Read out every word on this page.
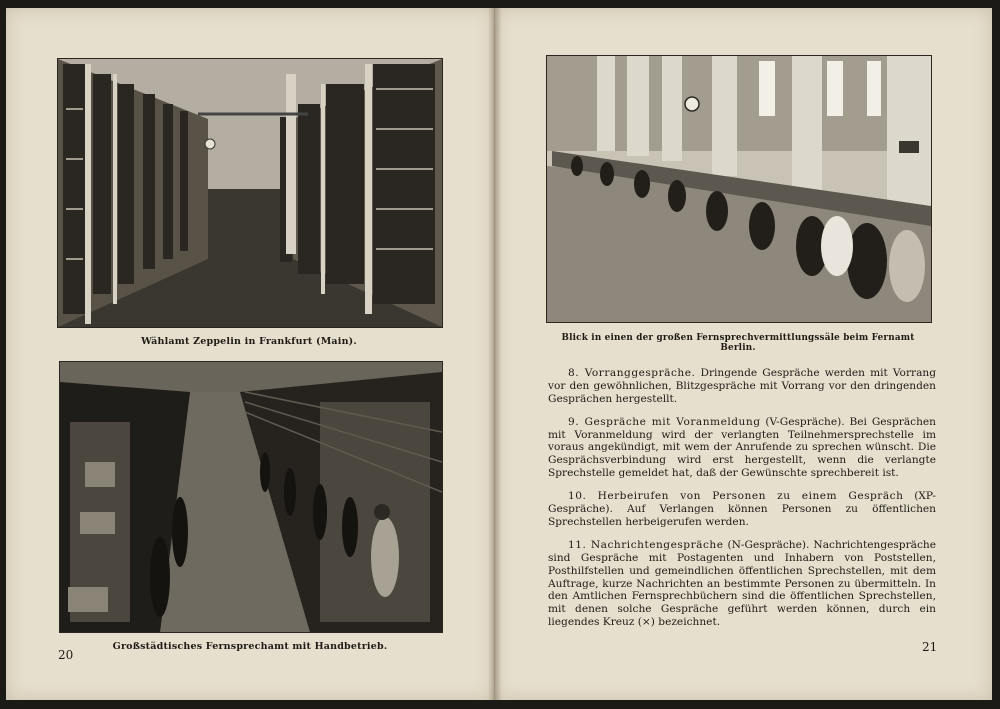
Wählamt Zeppelin in Frankfurt (Main).
Großstädtisches Fernsprechamt mit Handbetrieb.
20
Blick in einen der großen Fernsprechvermittlungssäle beim Fernamt Berlin.

8. Vorranggespräche. Dringende Gespräche werden mit Vorrang vor den gewöhnlichen, Blitzgespräche mit Vorrang vor den dringenden Gesprächen hergestellt.

9. Gespräche mit Voranmeldung (V-Gespräche). Bei Gesprächen mit Voranmeldung wird der verlangten Teilnehmersprechstelle im voraus angekündigt, mit wem der Anrufende zu sprechen wünscht. Die Gesprächsverbindung wird erst hergestellt, wenn die verlangte Sprechstelle gemeldet hat, daß der Gewünschte sprechbereit ist.

10. Herbeirufen von Personen zu einem Gespräch (XP-Gespräche). Auf Verlangen können Personen zu öffentlichen Sprechstellen herbeigerufen werden.

11. Nachrichtengespräche (N-Gespräche). Nachrichtengespräche sind Gespräche mit Postagenten und Inhabern von Poststellen, Posthilfstellen und gemeindlichen öffentlichen Sprechstellen, mit dem Auftrage, kurze Nachrichten an bestimmte Personen zu übermitteln. In den Amtlichen Fernsprechbüchern sind die öffentlichen Sprechstellen, mit denen solche Gespräche geführt werden können, durch ein liegendes Kreuz (×) bezeichnet.

21
